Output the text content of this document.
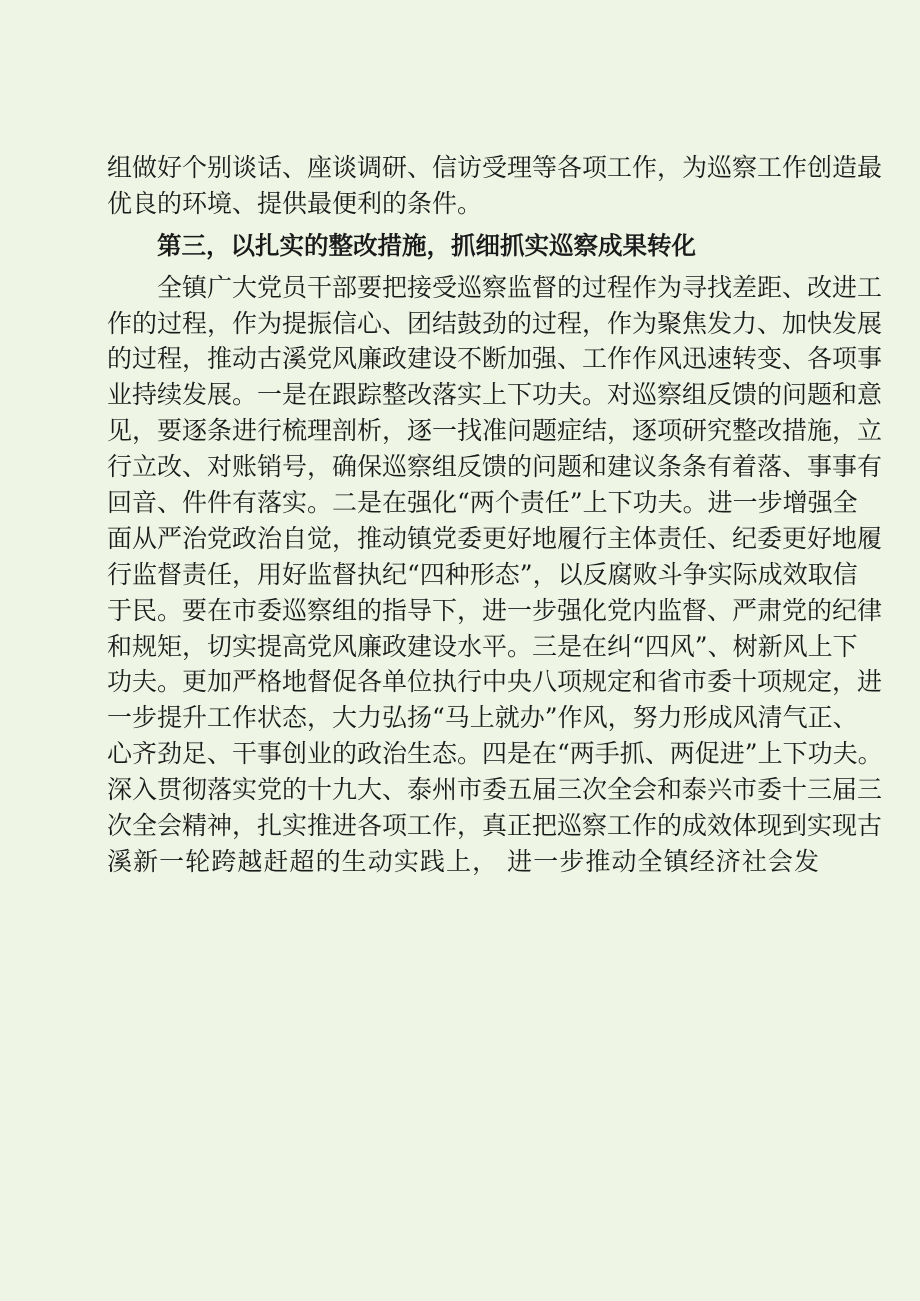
组做好个别谈话、座谈调研、信访受理等各项工作，为巡察工作创造最
优良的环境、提供最便利的条件。
第三，以扎实的整改措施，抓细抓实巡察成果转化
全镇广大党员干部要把接受巡察监督的过程作为寻找差距、改进工
作的过程，作为提振信心、团结鼓劲的过程，作为聚焦发力、加快发展
的过程，推动古溪党风廉政建设不断加强、工作作风迅速转变、各项事
业持续发展。一是在跟踪整改落实上下功夫。对巡察组反馈的问题和意
见，要逐条进行梳理剖析，逐一找准问题症结，逐项研究整改措施，立
行立改、对账销号，确保巡察组反馈的问题和建议条条有着落、事事有
回音、件件有落实。二是在强化“两个责任”上下功夫。进一步增强全
面从严治党政治自觉，推动镇党委更好地履行主体责任、纪委更好地履
行监督责任，用好监督执纪“四种形态”，以反腐败斗争实际成效取信
于民。要在市委巡察组的指导下，进一步强化党内监督、严肃党的纪律
和规矩，切实提高党风廉政建设水平。三是在纠“四风”、树新风上下
功夫。更加严格地督促各单位执行中央八项规定和省市委十项规定，进
一步提升工作状态，大力弘扬“马上就办”作风，努力形成风清气正、
心齐劲足、干事创业的政治生态。四是在“两手抓、两促进”上下功夫。
深入贯彻落实党的十九大、泰州市委五届三次全会和泰兴市委十三届三
次全会精神，扎实推进各项工作，真正把巡察工作的成效体现到实现古
溪新一轮跨越赶超的生动实践上， 进一步推动全镇经济社会发
